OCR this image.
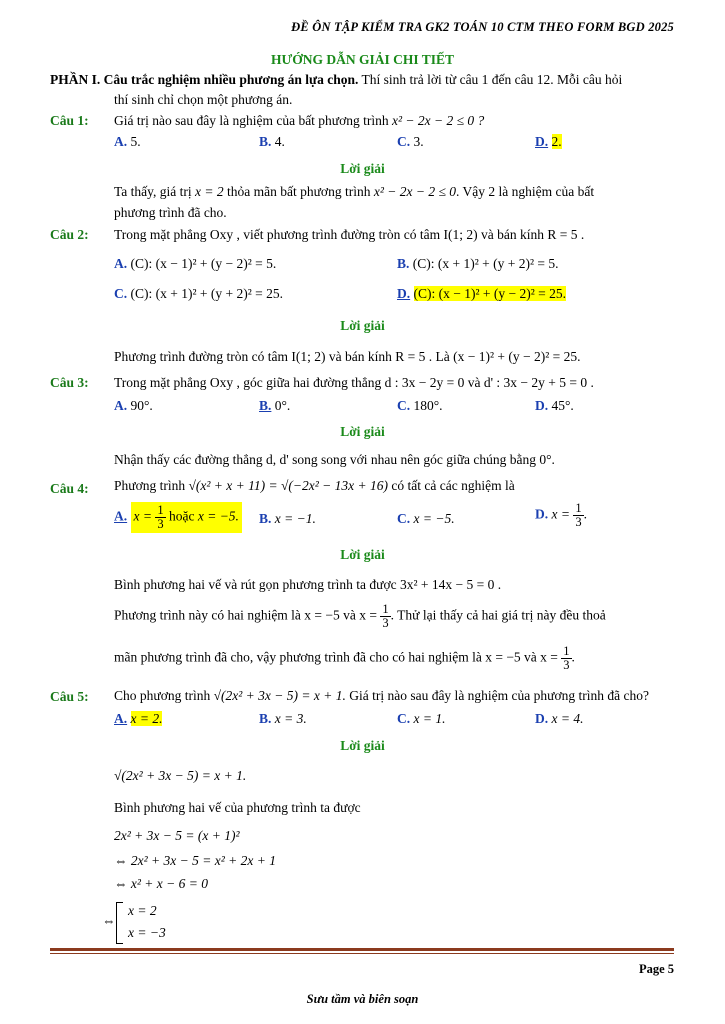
ĐỀ ÔN TẬP KIỂM TRA GK2 TOÁN 10 CTM THEO FORM BGD 2025
HƯỚNG DẪN GIẢI CHI TIẾT
PHẦN I. Câu trắc nghiệm nhiều phương án lựa chọn. Thí sinh trả lời từ câu 1 đến câu 12. Mỗi câu hỏi
thí sinh chỉ chọn một phương án.
Câu 1: Giá trị nào sau đây là nghiệm của bất phương trình x² − 2x − 2 ≤ 0 ?
A. 5.	B. 4.	C. 3.	D. 2.
Lời giải
Ta thấy, giá trị x = 2 thỏa mãn bất phương trình x² − 2x − 2 ≤ 0. Vậy 2 là nghiệm của bất
phương trình đã cho.
Câu 2: Trong mặt phẳng Oxy , viết phương trình đường tròn có tâm I(1; 2) và bán kính R = 5 .
A. (C): (x − 1)² + (y − 2)² = 5.	B. (C): (x + 1)² + (y + 2)² = 5.
C. (C): (x + 1)² + (y + 2)² = 25.	D. (C): (x − 1)² + (y − 2)² = 25.
Lời giải
Phương trình đường tròn có tâm I(1; 2) và bán kính R = 5 . Là (x − 1)² + (y − 2)² = 25.
Câu 3: Trong mặt phẳng Oxy , góc giữa hai đường thẳng d : 3x − 2y = 0 và d' : 3x − 2y + 5 = 0 .
A. 90°.	B. 0°.	C. 180°.	D. 45°.
Lời giải
Nhận thấy các đường thẳng d, d' song song với nhau nên góc giữa chúng bằng 0°.
Câu 4: Phương trình √(x² + x + 11) = √(−2x² − 13x + 16) có tất cả các nghiệm là
A. $x = \frac{1}{3}$ hoặc x = −5. B. x = −1.	C. x = −5.	D. $x = \frac{1}{3}$ .
Lời giải
Bình phương hai vế và rút gọn phương trình ta được 3x² + 14x − 5 = 0 .
Phương trình này có hai nghiệm là x = −5 và $x = \frac{1}{3}$ . Thử lại thấy cả hai giá trị này đều thoả
mãn phương trình đã cho, vậy phương trình đã cho có hai nghiệm là x = −5 và $x = \frac{1}{3}$ .
Câu 5: Cho phương trình √(2x² + 3x − 5) = x + 1. Giá trị nào sau đây là nghiệm của phương trình đã cho?
A. x = 2.	B. x = 3.	C. x = 1.	D. x = 4.
Lời giải
√(2x² + 3x − 5) = x + 1.
Bình phương hai vế của phương trình ta được
2x² + 3x − 5 = (x + 1)²
⇔ 2x² + 3x − 5 = x² + 2x + 1
⇔ x² + x − 6 = 0
⇔
x = 2
x = −3
Page 5
Sưu tầm và biên soạn
